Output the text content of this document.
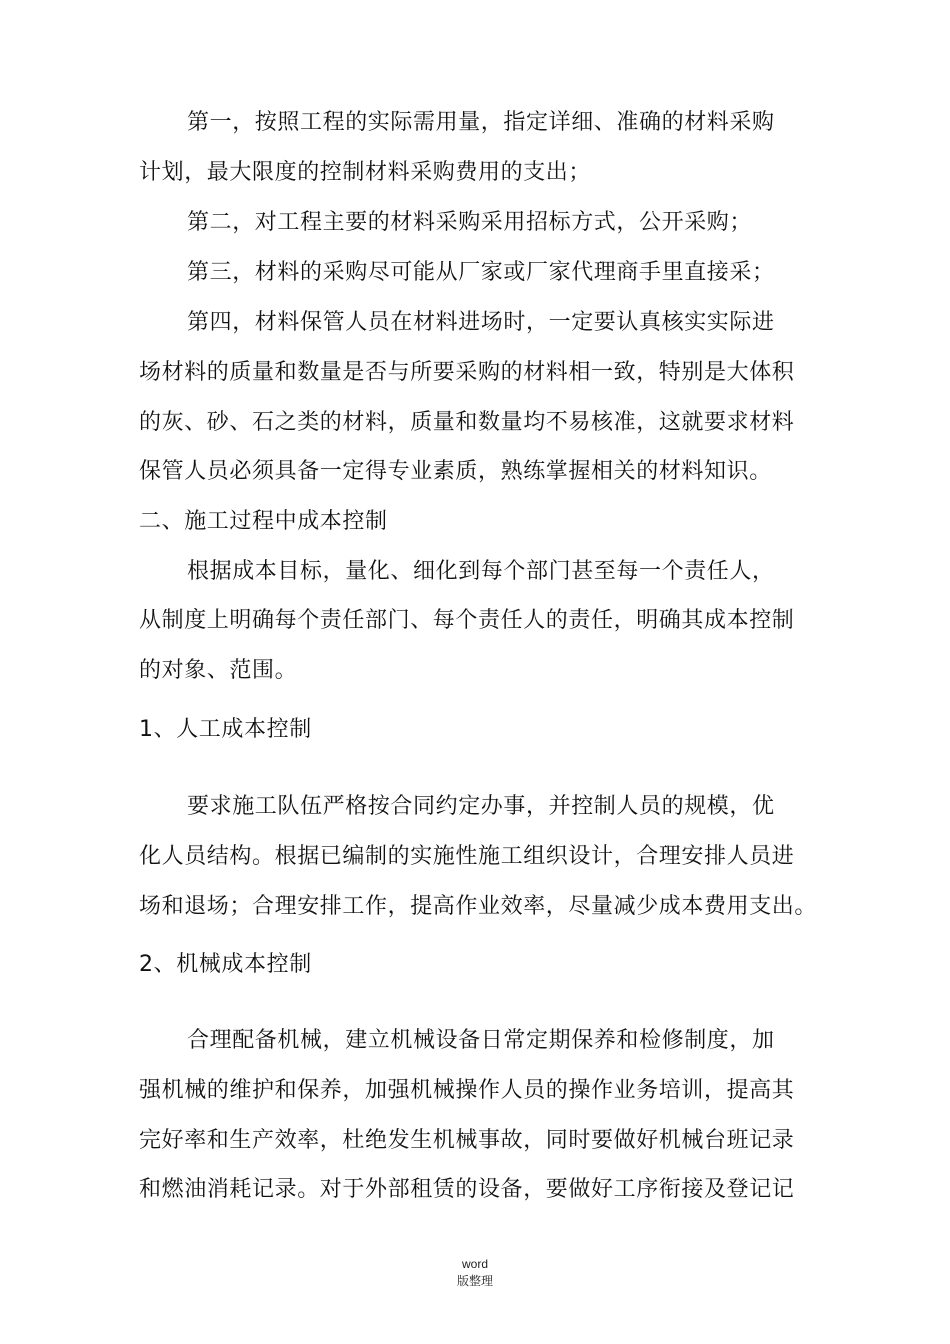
第一，按照工程的实际需用量，指定详细、准确的材料采购
计划，最大限度的控制材料采购费用的支出；
第二，对工程主要的材料采购采用招标方式，公开采购；
第三，材料的采购尽可能从厂家或厂家代理商手里直接采；
第四，材料保管人员在材料进场时，一定要认真核实实际进
场材料的质量和数量是否与所要采购的材料相一致，特别是大体积
的灰、砂、石之类的材料，质量和数量均不易核准，这就要求材料
保管人员必须具备一定得专业素质，熟练掌握相关的材料知识。
二、施工过程中成本控制
根据成本目标，量化、细化到每个部门甚至每一个责任人，
从制度上明确每个责任部门、每个责任人的责任，明确其成本控制
的对象、范围。
1、人工成本控制
要求施工队伍严格按合同约定办事，并控制人员的规模，优
化人员结构。根据已编制的实施性施工组织设计，合理安排人员进
场和退场；合理安排工作，提高作业效率，尽量减少成本费用支出。
2、机械成本控制
合理配备机械，建立机械设备日常定期保养和检修制度，加
强机械的维护和保养，加强机械操作人员的操作业务培训，提高其
完好率和生产效率，杜绝发生机械事故，同时要做好机械台班记录
和燃油消耗记录。对于外部租赁的设备，要做好工序衔接及登记记
word
版整理
